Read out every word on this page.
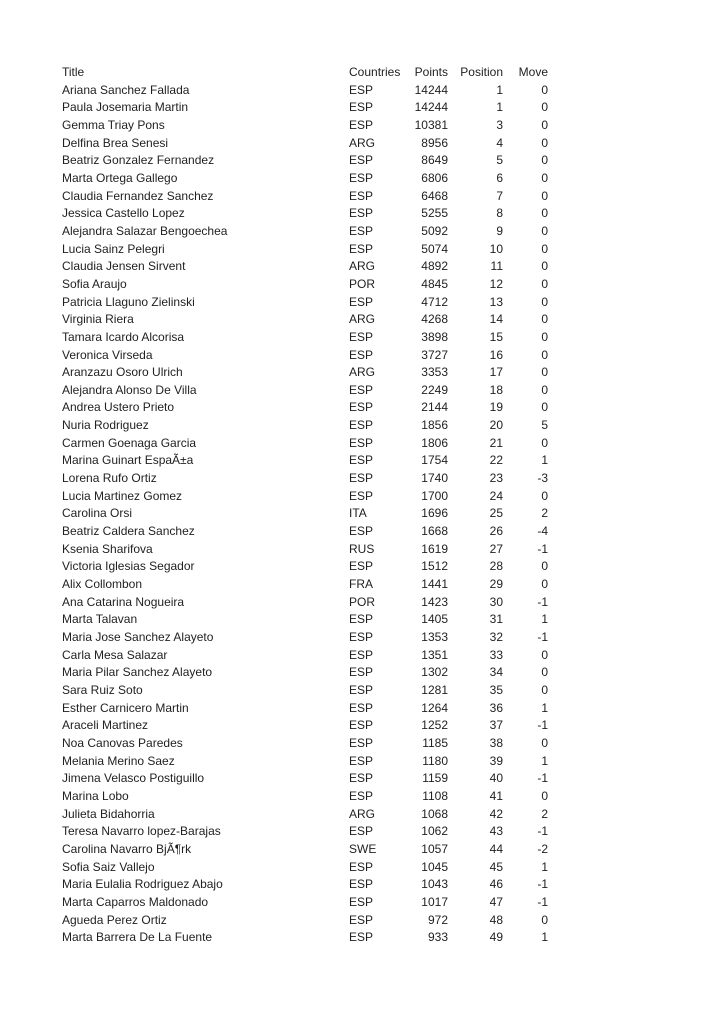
Title	Countries	Points	Position	Move
Ariana Sanchez Fallada	ESP	14244	1	0
Paula Josemaria Martin	ESP	14244	1	0
Gemma Triay Pons	ESP	10381	3	0
Delfina Brea Senesi	ARG	8956	4	0
Beatriz Gonzalez Fernandez	ESP	8649	5	0
Marta Ortega Gallego	ESP	6806	6	0
Claudia Fernandez Sanchez	ESP	6468	7	0
Jessica Castello Lopez	ESP	5255	8	0
Alejandra Salazar Bengoechea	ESP	5092	9	0
Lucia Sainz Pelegri	ESP	5074	10	0
Claudia Jensen Sirvent	ARG	4892	11	0
Sofia Araujo	POR	4845	12	0
Patricia Llaguno Zielinski	ESP	4712	13	0
Virginia Riera	ARG	4268	14	0
Tamara Icardo Alcorisa	ESP	3898	15	0
Veronica Virseda	ESP	3727	16	0
Aranzazu Osoro Ulrich	ARG	3353	17	0
Alejandra Alonso De Villa	ESP	2249	18	0
Andrea Ustero Prieto	ESP	2144	19	0
Nuria Rodriguez	ESP	1856	20	5
Carmen Goenaga Garcia	ESP	1806	21	0
Marina Guinart EspaÃ±a	ESP	1754	22	1
Lorena Rufo Ortiz	ESP	1740	23	-3
Lucia Martinez Gomez	ESP	1700	24	0
Carolina Orsi	ITA	1696	25	2
Beatriz Caldera Sanchez	ESP	1668	26	-4
Ksenia Sharifova	RUS	1619	27	-1
Victoria Iglesias Segador	ESP	1512	28	0
Alix Collombon	FRA	1441	29	0
Ana Catarina Nogueira	POR	1423	30	-1
Marta Talavan	ESP	1405	31	1
Maria Jose Sanchez Alayeto	ESP	1353	32	-1
Carla Mesa Salazar	ESP	1351	33	0
Maria Pilar Sanchez Alayeto	ESP	1302	34	0
Sara Ruiz Soto	ESP	1281	35	0
Esther Carnicero Martin	ESP	1264	36	1
Araceli Martinez	ESP	1252	37	-1
Noa Canovas Paredes	ESP	1185	38	0
Melania Merino Saez	ESP	1180	39	1
Jimena Velasco Postiguillo	ESP	1159	40	-1
Marina Lobo	ESP	1108	41	0
Julieta Bidahorria	ARG	1068	42	2
Teresa Navarro lopez-Barajas	ESP	1062	43	-1
Carolina Navarro BjÃ¶rk	SWE	1057	44	-2
Sofia Saiz Vallejo	ESP	1045	45	1
Maria Eulalia Rodriguez Abajo	ESP	1043	46	-1
Marta Caparros Maldonado	ESP	1017	47	-1
Agueda Perez Ortiz	ESP	972	48	0
Marta Barrera De La Fuente	ESP	933	49	1
